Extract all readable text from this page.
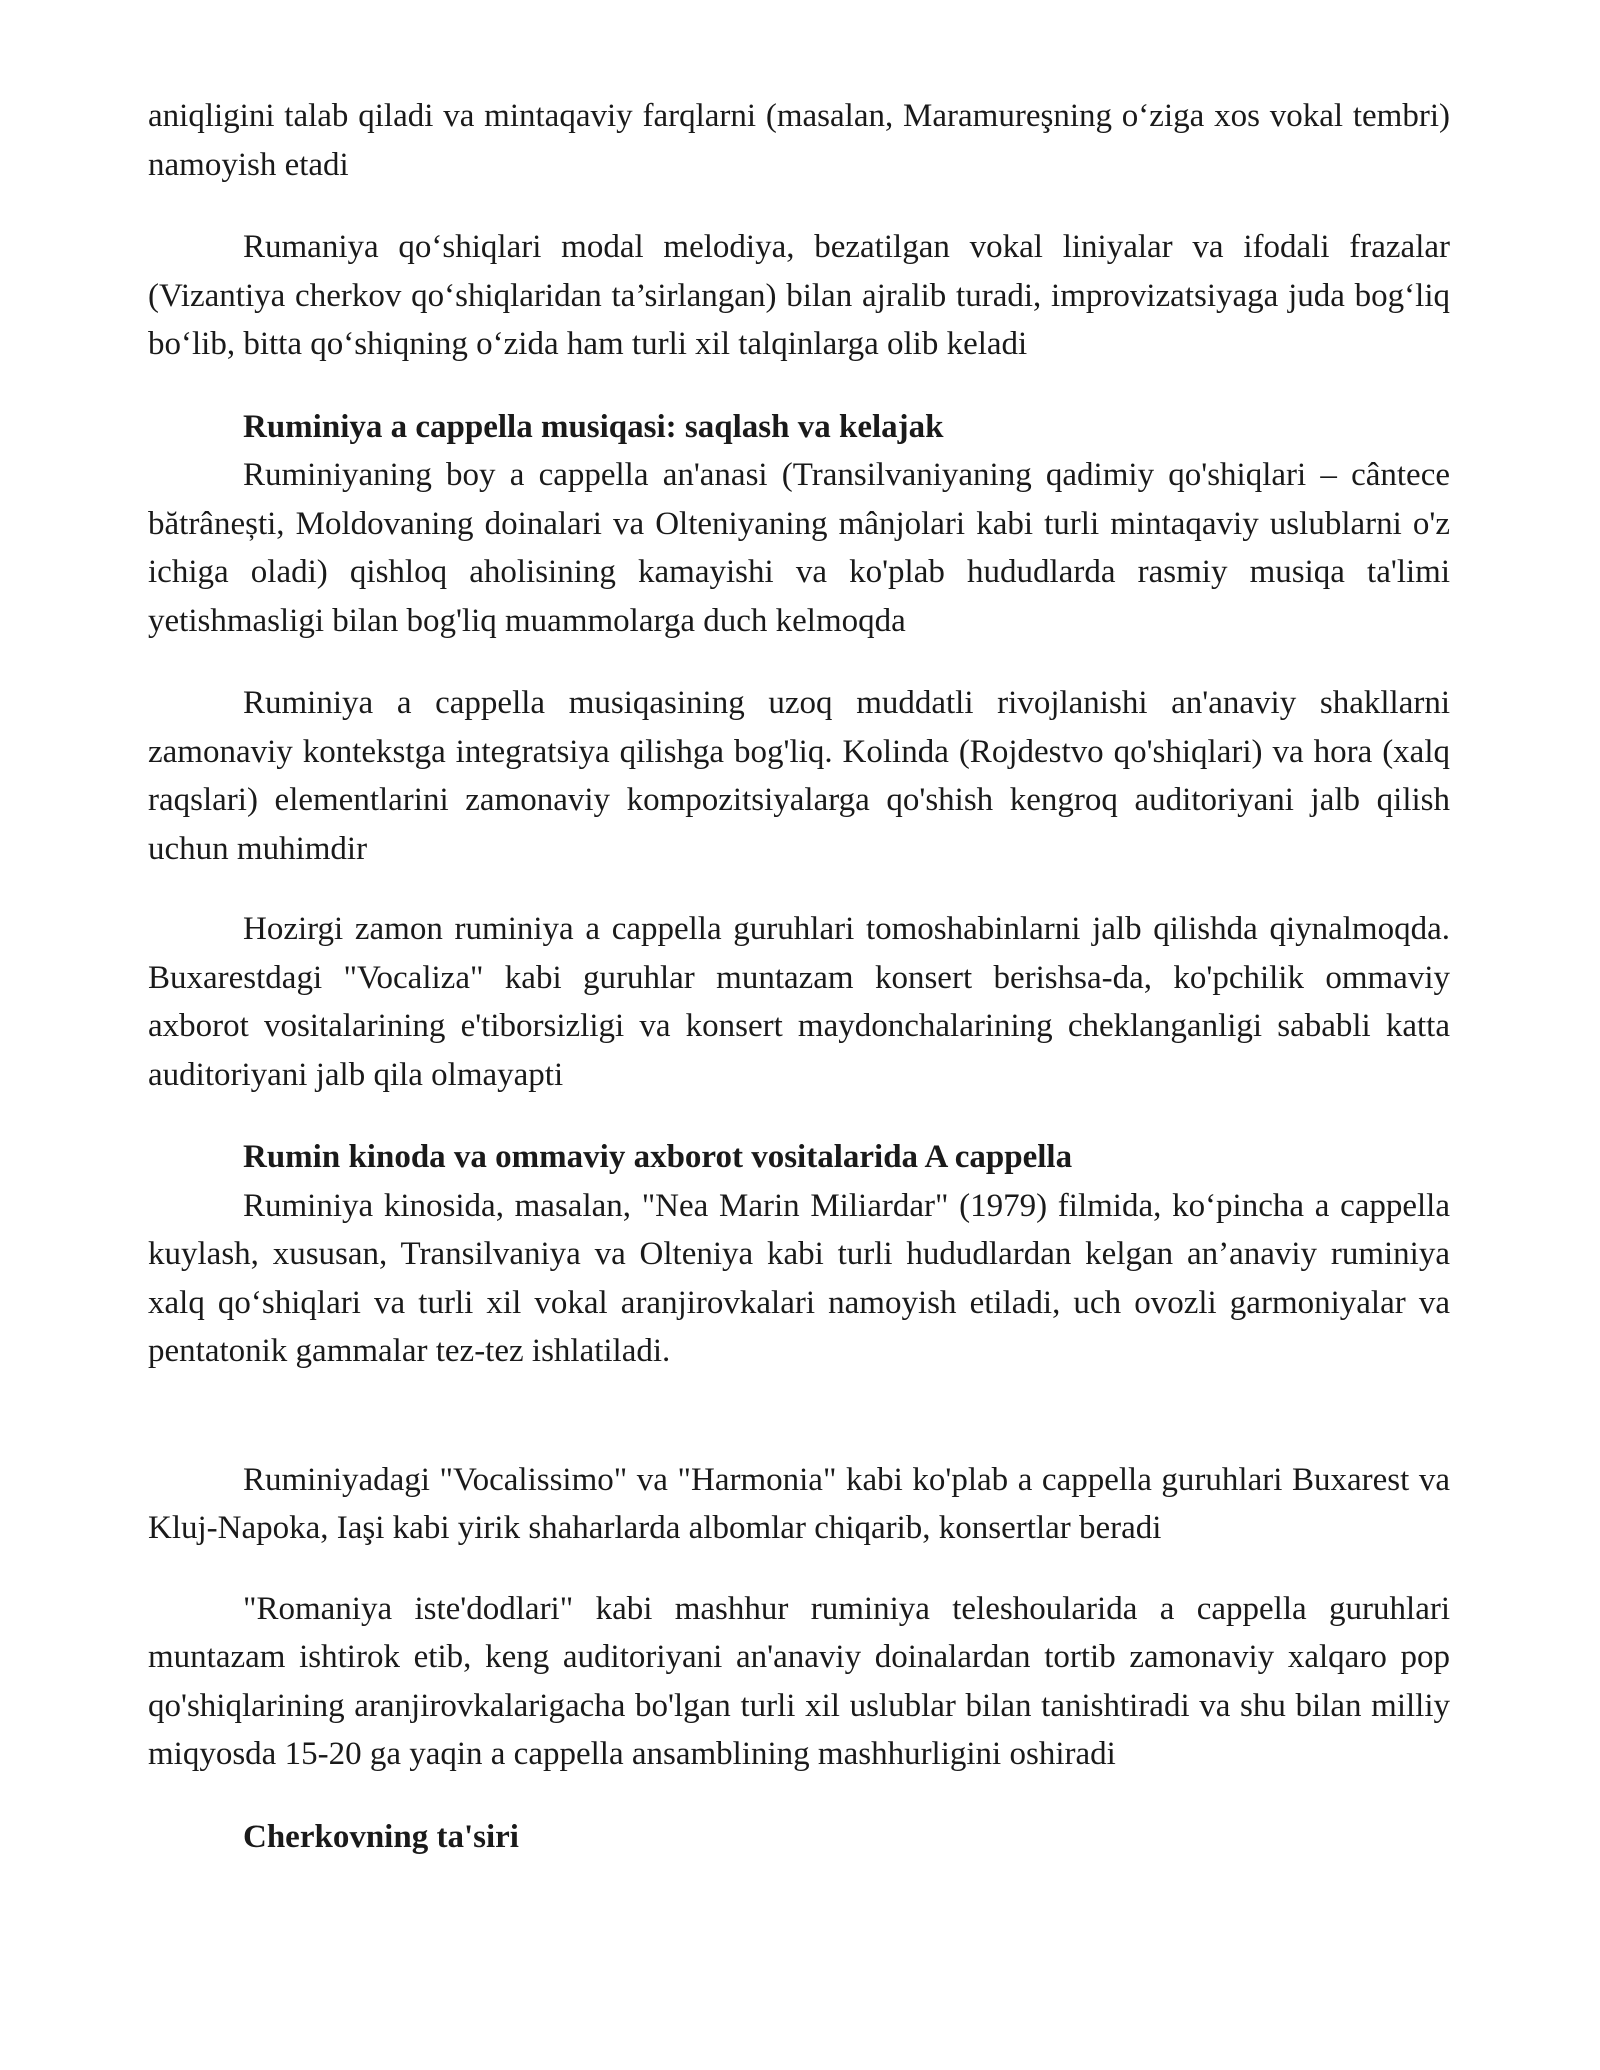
aniqligini talab qiladi va mintaqaviy farqlarni (masalan, Maramureşning o‘ziga xos vokal tembri) namoyish etadi

Rumaniya qo‘shiqlari modal melodiya, bezatilgan vokal liniyalar va ifodali frazalar (Vizantiya cherkov qo‘shiqlaridan ta’sirlangan) bilan ajralib turadi, improvizatsiyaga juda bog‘liq bo‘lib, bitta qo‘shiqning o‘zida ham turli xil talqinlarga olib keladi

Ruminiya a cappella musiqasi: saqlash va kelajak

Ruminiyaning boy a cappella an'anasi (Transilvaniyaning qadimiy qo'shiqlari – cântece bătrânești, Moldovaning doinalari va Olteniyaning mânjolari kabi turli mintaqaviy uslublarni o'z ichiga oladi) qishloq aholisining kamayishi va ko'plab hududlarda rasmiy musiqa ta'limi yetishmasligi bilan bog'liq muammolarga duch kelmoqda

Ruminiya a cappella musiqasining uzoq muddatli rivojlanishi an'anaviy shakllarni zamonaviy kontekstga integratsiya qilishga bog'liq. Kolinda (Rojdestvo qo'shiqlari) va hora (xalq raqslari) elementlarini zamonaviy kompozitsiyalarga qo'shish kengroq auditoriyani jalb qilish uchun muhimdir

Hozirgi zamon ruminiya a cappella guruhlari tomoshabinlarni jalb qilishda qiynalmoqda. Buxarestdagi "Vocaliza" kabi guruhlar muntazam konsert berishsa-da, ko'pchilik ommaviy axborot vositalarining e'tiborsizligi va konsert maydonchalarining cheklanganligi sababli katta auditoriyani jalb qila olmayapti

Rumin kinoda va ommaviy axborot vositalarida A cappella

Ruminiya kinosida, masalan, "Nea Marin Miliardar" (1979) filmida, ko‘pincha a cappella kuylash, xususan, Transilvaniya va Olteniya kabi turli hududlardan kelgan an’anaviy ruminiya xalq qo‘shiqlari va turli xil vokal aranjirovkalari namoyish etiladi, uch ovozli garmoniyalar va pentatonik gammalar tez-tez ishlatiladi.

Ruminiyadagi "Vocalissimo" va "Harmonia" kabi ko'plab a cappella guruhlari Buxarest va Kluj-Napoka, Iaşi kabi yirik shaharlarda albomlar chiqarib, konsertlar beradi

"Romaniya iste'dodlari" kabi mashhur ruminiya teleshoularida a cappella guruhlari muntazam ishtirok etib, keng auditoriyani an'anaviy doinalardan tortib zamonaviy xalqaro pop qo'shiqlarining aranjirovkalarigacha bo'lgan turli xil uslublar bilan tanishtiradi va shu bilan milliy miqyosda 15-20 ga yaqin a cappella ansamblining mashhurligini oshiradi

Cherkovning ta'siri
